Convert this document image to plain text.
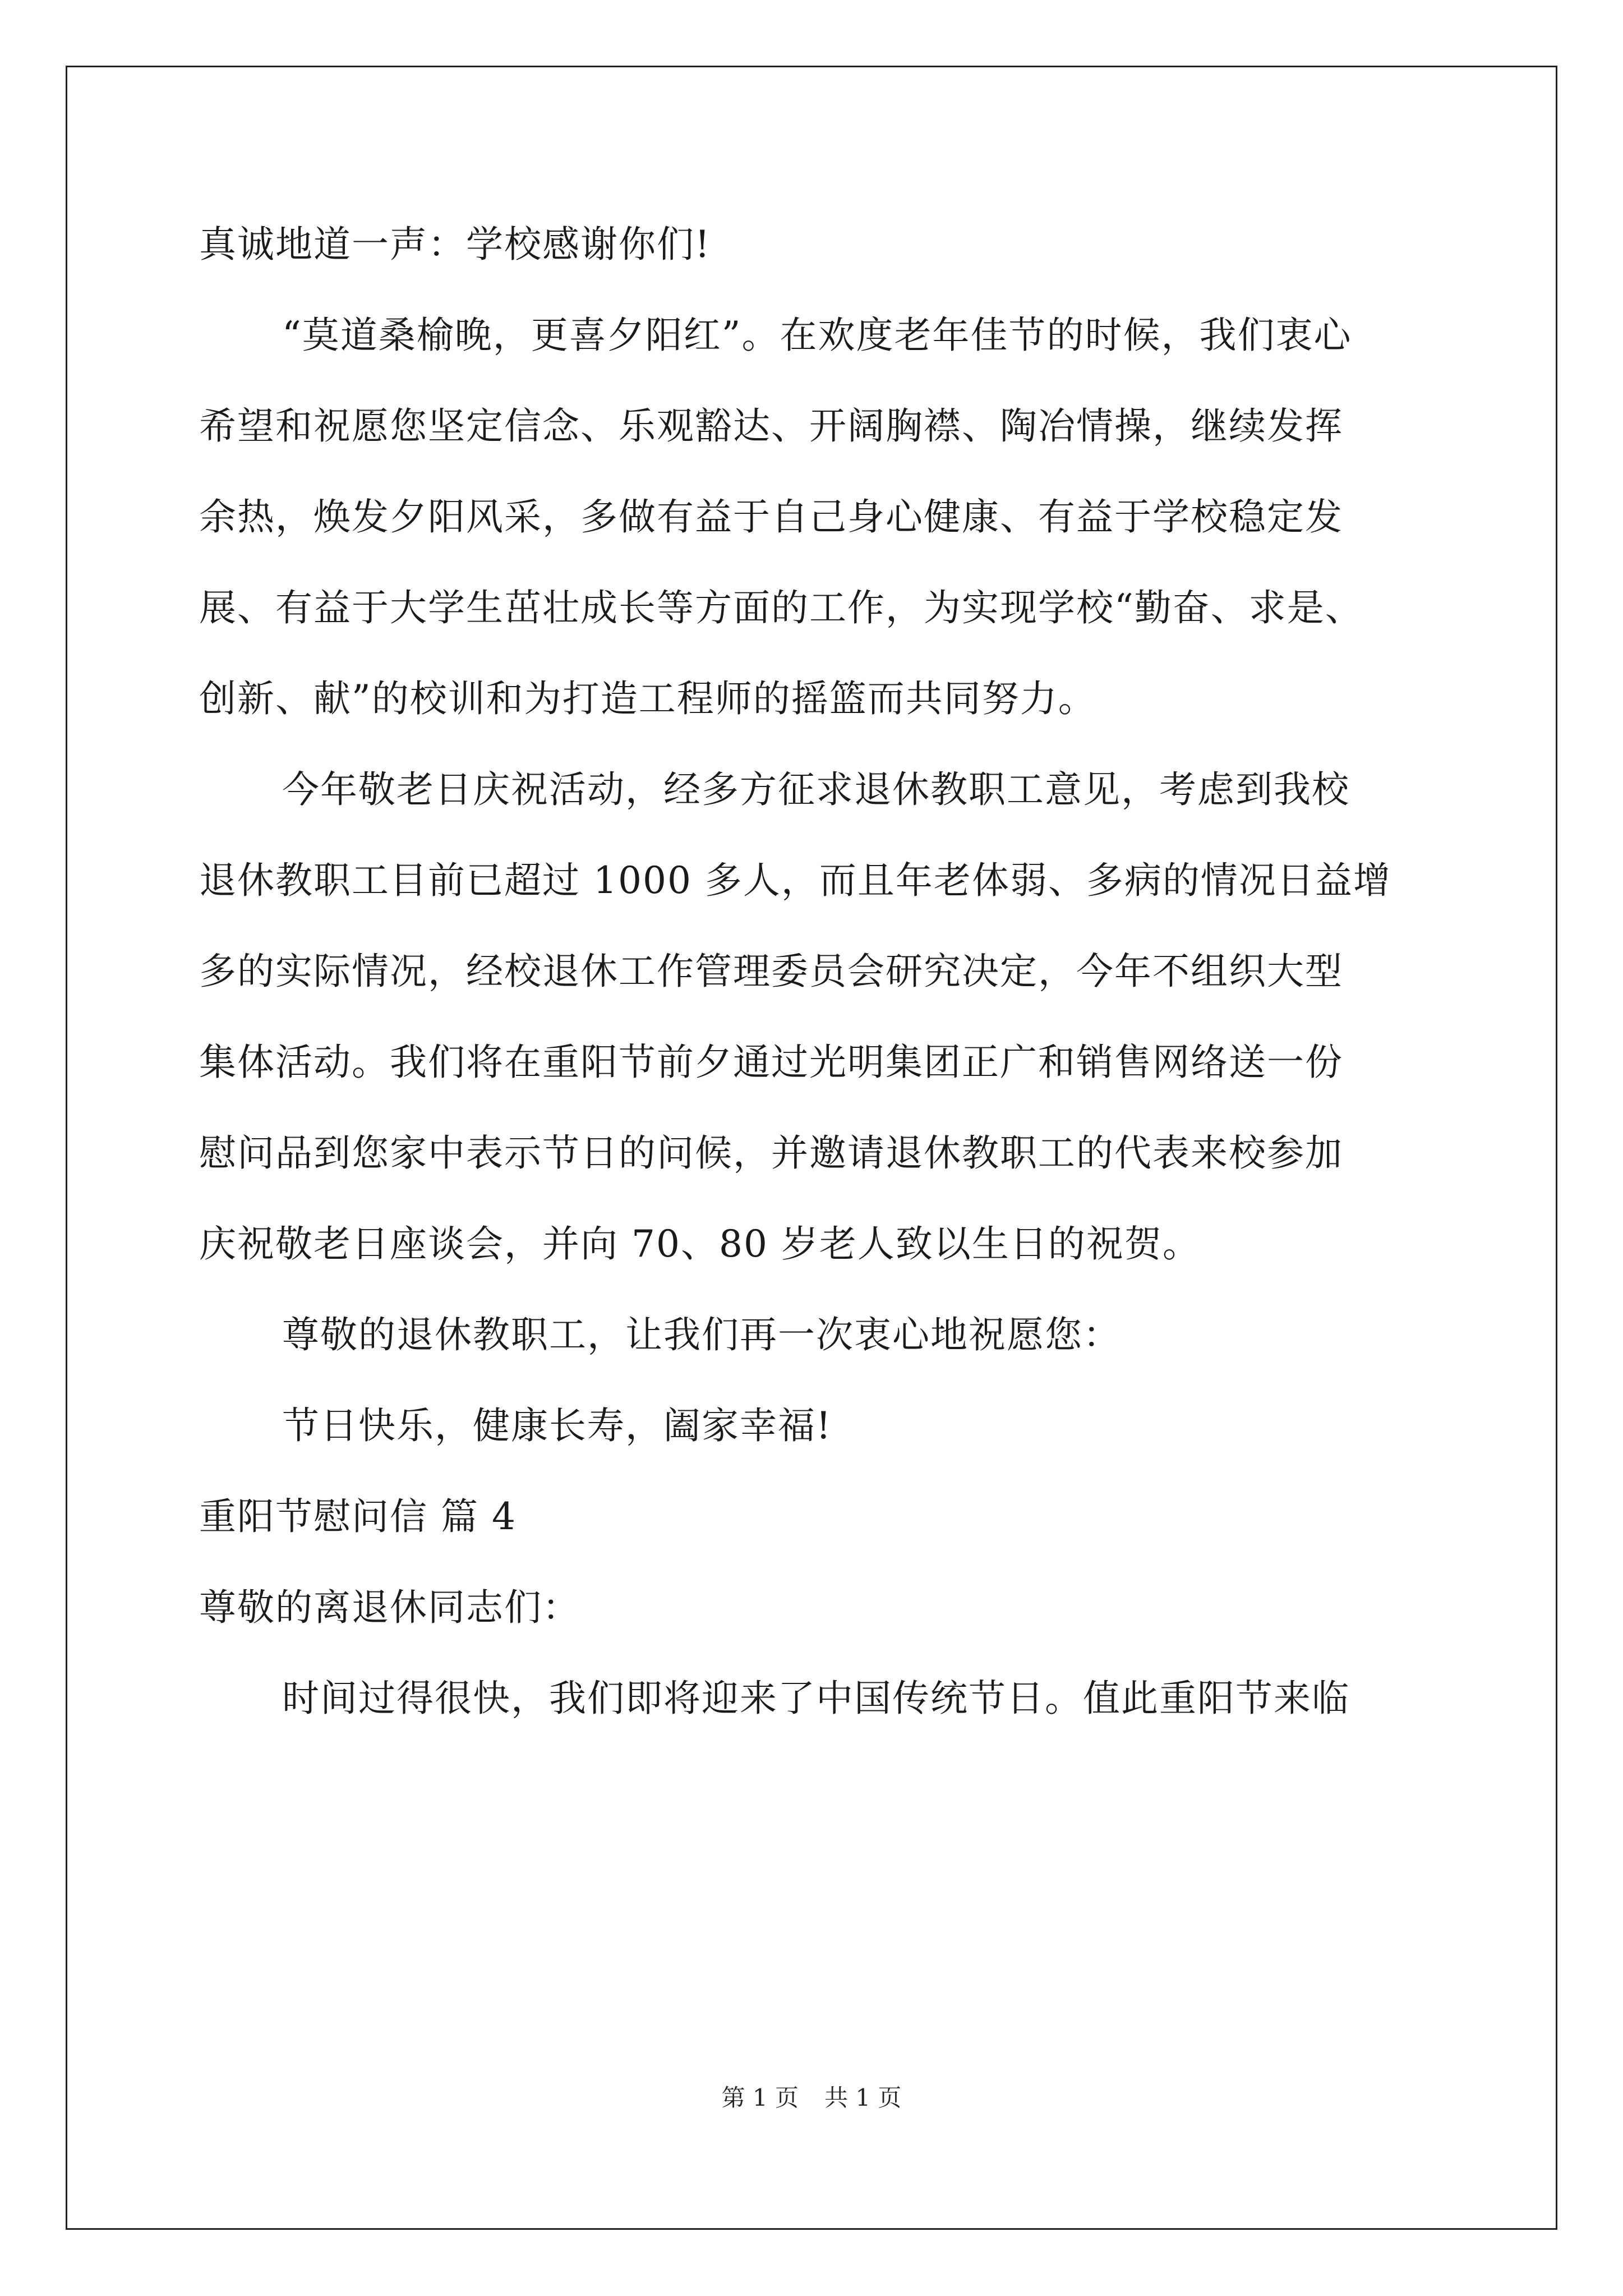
真诚地道一声：学校感谢你们!
“莫道桑榆晚，更喜夕阳红”。在欢度老年佳节的时候，我们衷心
希望和祝愿您坚定信念、乐观豁达、开阔胸襟、陶冶情操，继续发挥
余热，焕发夕阳风采，多做有益于自己身心健康、有益于学校稳定发
展、有益于大学生茁壮成长等方面的工作，为实现学校“勤奋、求是、
创新、献”的校训和为打造工程师的摇篮而共同努力。
今年敬老日庆祝活动，经多方征求退休教职工意见，考虑到我校
退休教职工目前已超过 1000 多人，而且年老体弱、多病的情况日益增
多的实际情况，经校退休工作管理委员会研究决定，今年不组织大型
集体活动。我们将在重阳节前夕通过光明集团正广和销售网络送一份
慰问品到您家中表示节日的问候，并邀请退休教职工的代表来校参加
庆祝敬老日座谈会，并向 70、80 岁老人致以生日的祝贺。
尊敬的退休教职工，让我们再一次衷心地祝愿您：
节日快乐，健康长寿，阖家幸福!
重阳节慰问信 篇 4
尊敬的离退休同志们：
时间过得很快，我们即将迎来了中国传统节日。值此重阳节来临
第 1 页 共 1 页
